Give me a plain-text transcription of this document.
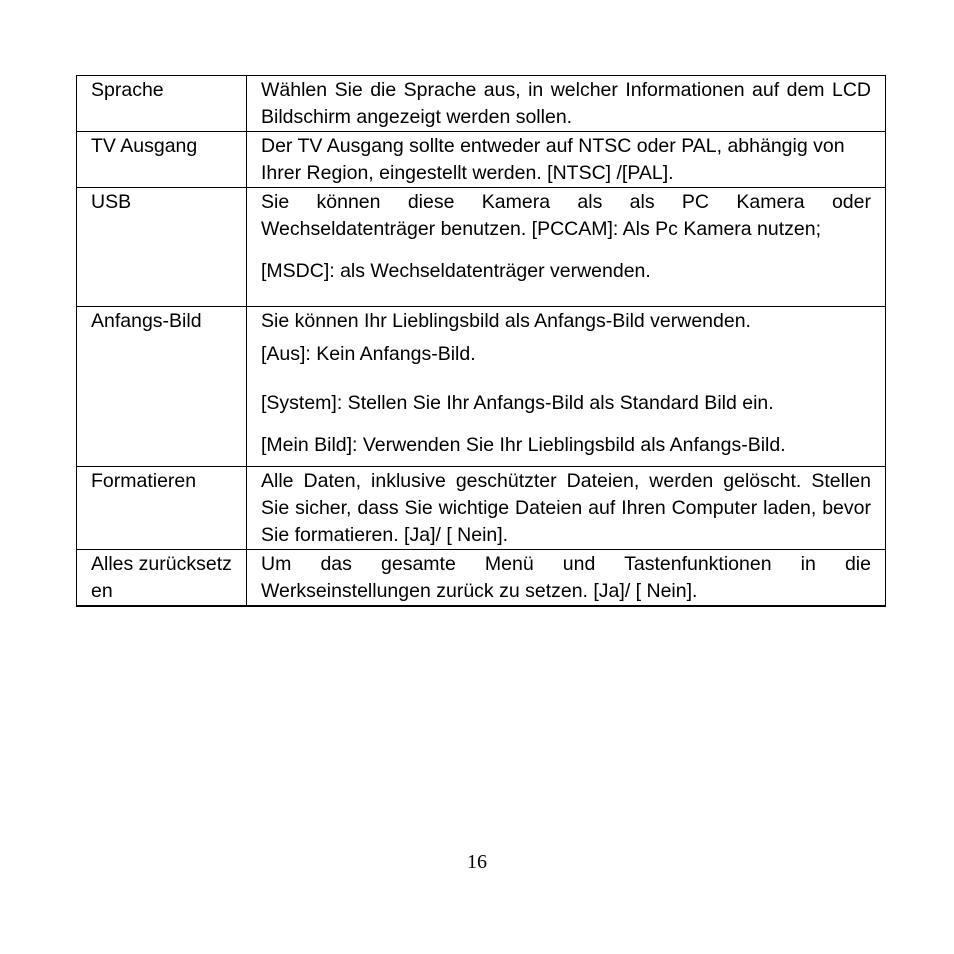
Sprache	Wählen Sie die Sprache aus, in welcher Informationen auf dem LCD Bildschirm angezeigt werden sollen.

TV Ausgang	Der TV Ausgang sollte entweder auf NTSC oder PAL, abhängig von Ihrer Region, eingestellt werden. [NTSC] /[PAL].

USB	Sie können diese Kamera als als PC Kamera oder Wechseldatenträger benutzen. [PCCAM]: Als Pc Kamera nutzen;
[MSDC]: als Wechseldatenträger verwenden.

Anfangs-Bild	Sie können Ihr Lieblingsbild als Anfangs-Bild verwenden.
[Aus]: Kein Anfangs-Bild.
[System]: Stellen Sie Ihr Anfangs-Bild als Standard Bild ein.
[Mein Bild]: Verwenden Sie Ihr Lieblingsbild als Anfangs-Bild.

Formatieren	Alle Daten, inklusive geschützter Dateien, werden gelöscht. Stellen Sie sicher, dass Sie wichtige Dateien auf Ihren Computer laden, bevor Sie formatieren. [Ja]/ [ Nein].

Alles zurücksetzen	Um das gesamte Menü und Tastenfunktionen in die Werkseinstellungen zurück zu setzen. [Ja]/ [ Nein].
16
